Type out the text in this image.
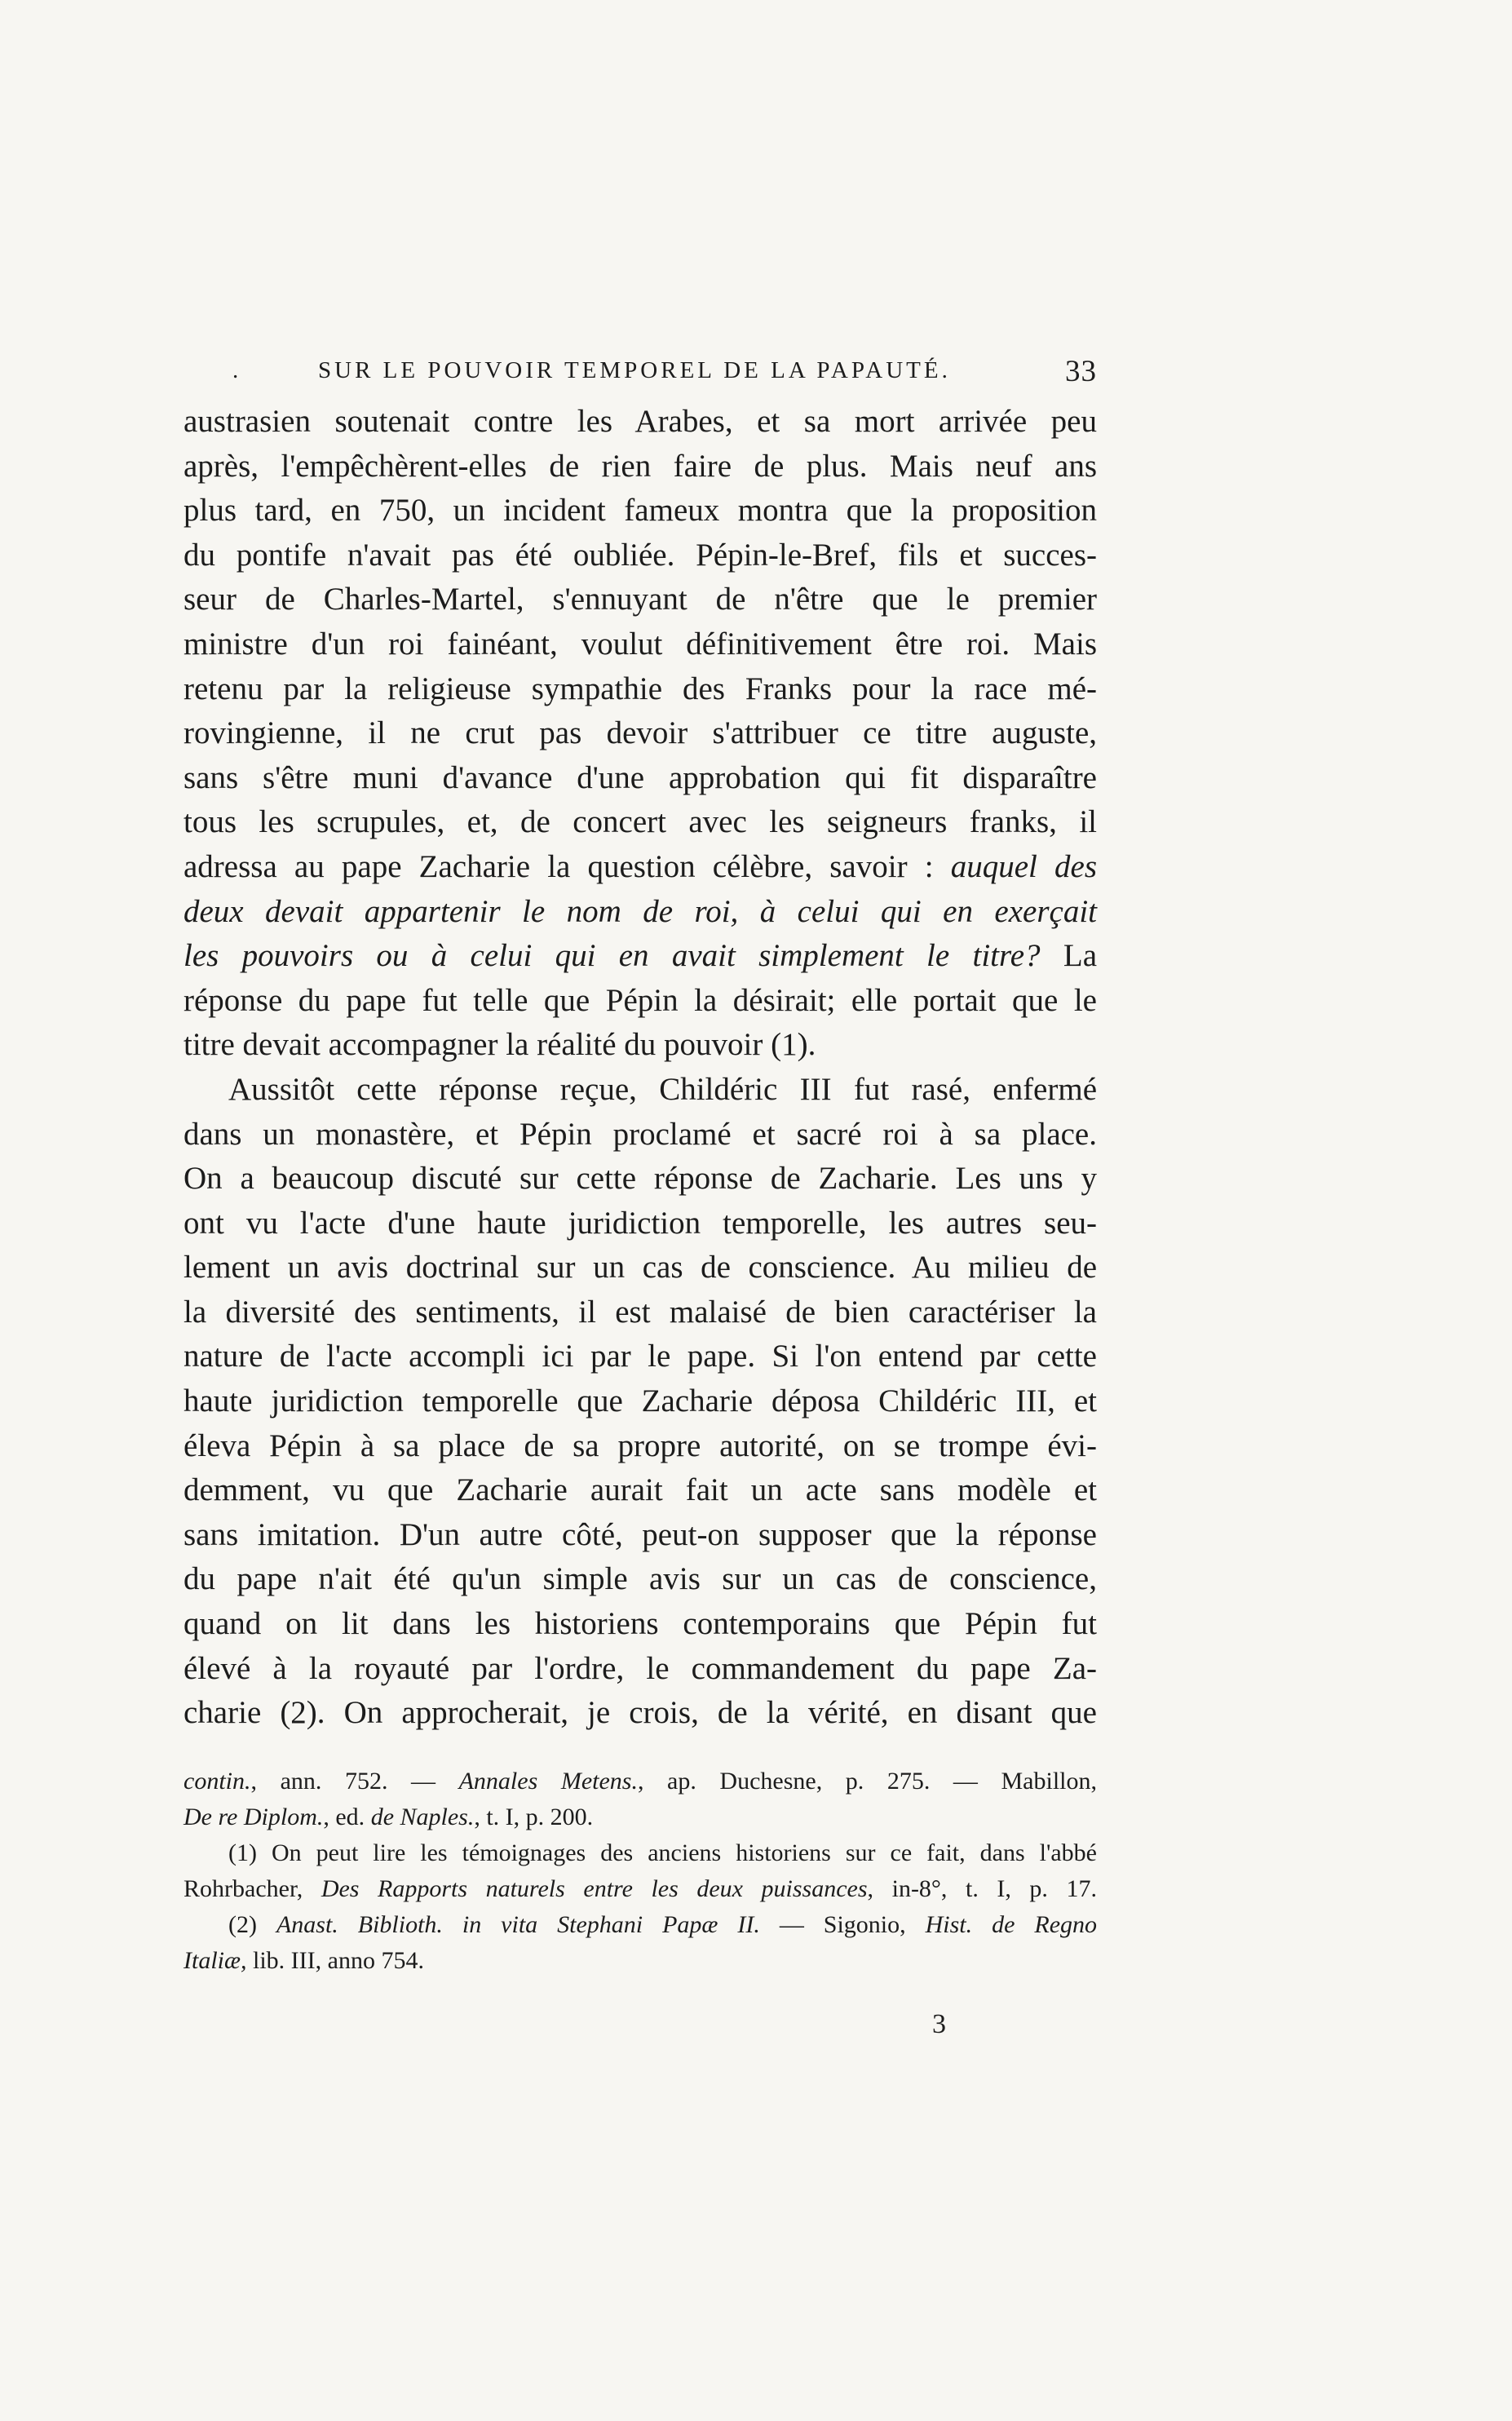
.	SUR LE POUVOIR TEMPOREL DE LA PAPAUTÉ.	33
austrasien soutenait contre les Arabes, et sa mort arrivée peu
après, l'empêchèrent-elles de rien faire de plus. Mais neuf ans
plus tard, en 750, un incident fameux montra que la proposition
du pontife n'avait pas été oubliée. Pépin-le-Bref, fils et succes-
seur de Charles-Martel, s'ennuyant de n'être que le premier
ministre d'un roi fainéant, voulut définitivement être roi. Mais
retenu par la religieuse sympathie des Franks pour la race mé-
rovingienne, il ne crut pas devoir s'attribuer ce titre auguste,
sans s'être muni d'avance d'une approbation qui fit disparaître
tous les scrupules, et, de concert avec les seigneurs franks, il
adressa au pape Zacharie la question célèbre, savoir : auquel des
deux devait appartenir le nom de roi, à celui qui en exerçait
les pouvoirs ou à celui qui en avait simplement le titre? La
réponse du pape fut telle que Pépin la désirait; elle portait que le
titre devait accompagner la réalité du pouvoir (1).
Aussitôt cette réponse reçue, Childéric III fut rasé, enfermé
dans un monastère, et Pépin proclamé et sacré roi à sa place.
On a beaucoup discuté sur cette réponse de Zacharie. Les uns y
ont vu l'acte d'une haute juridiction temporelle, les autres seu-
lement un avis doctrinal sur un cas de conscience. Au milieu de
la diversité des sentiments, il est malaisé de bien caractériser la
nature de l'acte accompli ici par le pape. Si l'on entend par cette
haute juridiction temporelle que Zacharie déposa Childéric III, et
éleva Pépin à sa place de sa propre autorité, on se trompe évi-
demment, vu que Zacharie aurait fait un acte sans modèle et
sans imitation. D'un autre côté, peut-on supposer que la réponse
du pape n'ait été qu'un simple avis sur un cas de conscience,
quand on lit dans les historiens contemporains que Pépin fut
élevé à la royauté par l'ordre, le commandement du pape Za-
charie (2). On approcherait, je crois, de la vérité, en disant que
contin., ann. 752. — Annales Metens., ap. Duchesne, p. 275. — Mabillon,
De re Diplom., ed. de Naples., t. I, p. 200.
(1) On peut lire les témoignages des anciens historiens sur ce fait, dans l'abbé
Rohrbacher, Des Rapports naturels entre les deux puissances, in-8°, t. I, p. 17.
(2) Anast. Biblioth. in vita Stephani Papæ II. — Sigonio, Hist. de Regno
Italiæ, lib. III, anno 754.
3
